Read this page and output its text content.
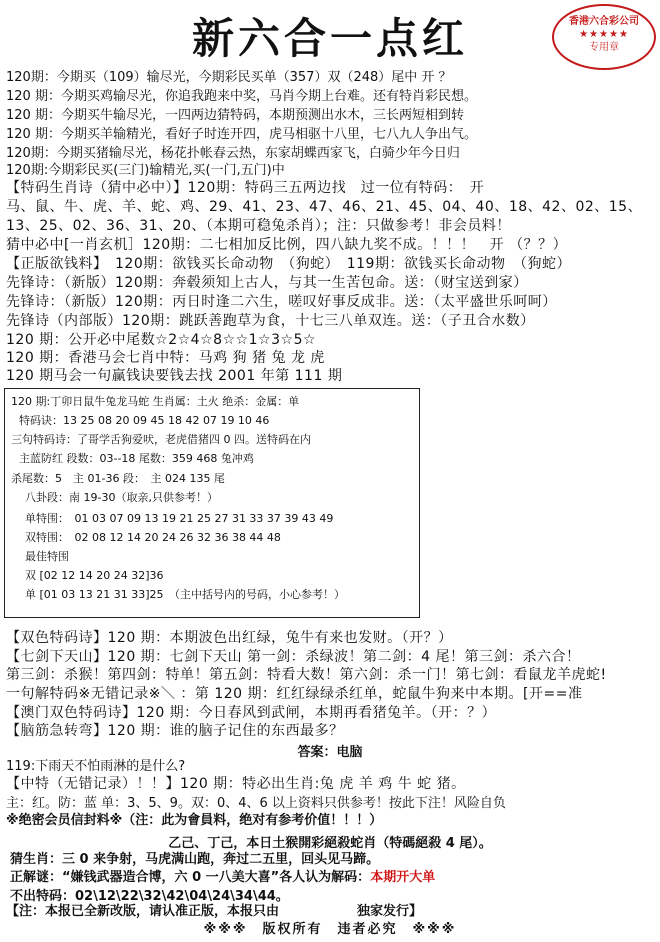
新六合一点红	香港六合彩公司
★★★★★
专用章
120期：今期买（109）输尽光，今期彩民买单（357）双（248）尾中 开 ？
120 期：今期买鸡输尽光，你追我跑来中奖，马肖今期上台难。还有特肖彩民想。
120 期：今期买牛输尽光，一四两边猜特码，本期预测出水木，三长两短相到转
120 期：今期买羊输精光，看好子时连开四，虎马相驱十八里，七八九人争出气。
120期：今期买猪输尽光，杨花扑帐春云热，东家胡蝶西家飞，白骑少年今日归
120期:今期彩民买(三门)输精光,买(一门,五门)中
【特码生肖诗（猜中必中）】120期：特码三五两边找　过一位有特码：　开
马、鼠、牛、虎、羊、蛇、鸡、29、41、23、47、46、21、45、04、40、18、42、02、15、
13、25、02、36、31、20、（本期可稳兔杀肖）；注：只做参考！非会员料！
猜中必中[一肖玄机］120期：二七相加反比例，四八缺九奖不成。！！！　开 （？？）
【正版欲钱料】　120期：欲钱买长命动物　（狗蛇）　119期：欲钱买长命动物　（狗蛇）
先锋诗：（新版）120期：奔毂须知上古人，与其一生苦包命。送：（财宝送到家）
先锋诗：（新版）120期：丙日时逢二六生，嗟叹好事反成非。送：（太平盛世乐呵呵）
先锋诗（内部版）120期：跳跃善跑草为食，十七三八单双连。送：（子丑合水数）
120 期：公开必中尾数☆2☆4☆8☆☆1☆3☆5☆
120 期：香港马会七肖中特：马鸡 狗 猪 兔 龙 虎
120 期马会一句赢钱诀要钱去找 2001 年第 111 期
120 期:丁卯日鼠牛兔龙马蛇 生肖属：土火 绝杀：金属：单
特码诀：13 25 08 20 09 45 18 42 07 19 10 46
三句特码诗：了哥学舌狗爱吠，老虎借猪四 0 四。送特码在内
主蓝防红 段数：03--18 尾数：359 468 兔冲鸡
杀尾数：5　主 01-36 段：　主 024 135 尾
八卦段：南 19-30（取亲,只供参考！）
单特围：　01 03 07 09 13 19 21 25 27 31 33 37 39 43 49
双特围：　02 08 12 14 20 24 26 32 36 38 44 48
最佳特围
双 [02 12 14 20 24 32]36
单 [01 03 13 21 31 33]25　（主中括号内的号码，小心参考！）
【双色特码诗】120 期：本期波色出红绿，兔牛有来也发财。（开？）
【七剑下天山】120 期：七剑下天山 第一剑：杀绿波！第二剑：4 尾！第三剑：杀六合！
第三剑：杀猴！第四剑：特单！第五剑：特看大数！第六剑：杀一门！第七剑：看鼠龙羊虎蛇!
一句解特码※无错记录※＼ ：第 120 期：红红绿绿杀红单，蛇鼠牛狗来中本期。[开==准
【澳门双色特码诗】120 期：今日春风到武闸，本期再看猪兔羊。（开：？）
【脑筋急转弯】120 期：谁的脑子记住的东西最多？
答案：电脑
119:下雨天不怕雨淋的是什么?
【中特（无错记录）！！】120 期：特必出生肖:兔 虎 羊 鸡 牛 蛇 猪。
主：红。防：蓝 单：3、5、9。双：0、4、6 以上资料只供参考！按此下注！风险自负
※绝密会员信封料※（注：此为會員料，绝对有参考价值！！！）
乙己、丁己，本日土猴開彩絕殺蛇肖（特碼絕殺 4 尾）。
猜生肖：三 0 来争射，马虎满山跑，奔过二五里，回头见马蹄。
正解谜：“嫌钱武器造合博，六 0 一八美大喜”各人认为解码：本期开大单
不出特码：02\12\22\32\42\04\24\34\44。
【注：本报已全新改版，请认准正版，本报只由　　　　　　独家发行】
※※※　版权所有　违者必究　※※※
